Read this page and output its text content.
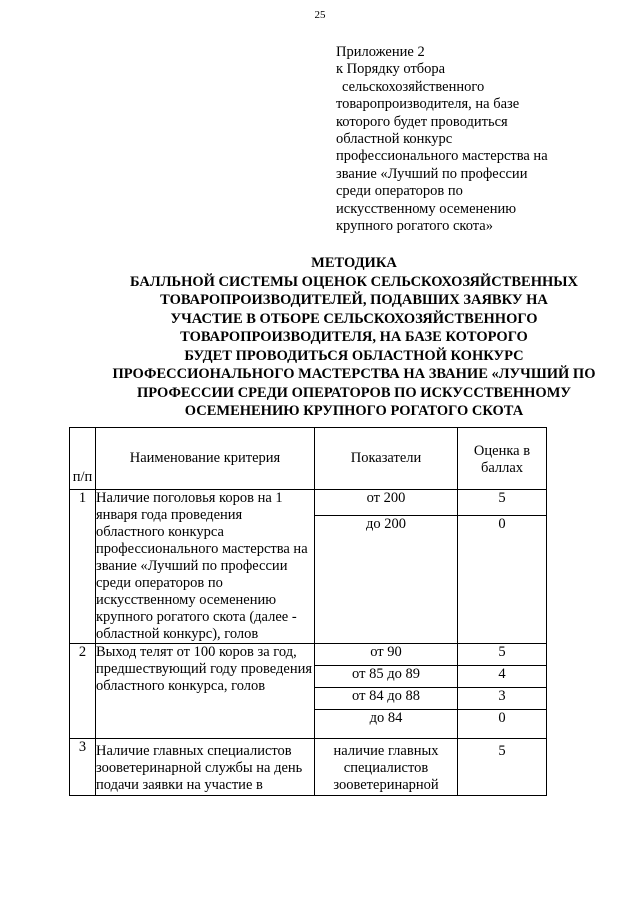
25
Приложение 2
к Порядку отбора
сельскохозяйственного
товаропроизводителя, на базе
которого будет проводиться
областной конкурс
профессионального мастерства на
звание «Лучший по профессии
среди операторов по
искусственному осеменению
крупного рогатого скота»
МЕТОДИКА
БАЛЛЬНОЙ СИСТЕМЫ ОЦЕНОК СЕЛЬСКОХОЗЯЙСТВЕННЫХ
ТОВАРОПРОИЗВОДИТЕЛЕЙ, ПОДАВШИХ ЗАЯВКУ НА
УЧАСТИЕ В ОТБОРЕ СЕЛЬСКОХОЗЯЙСТВЕННОГО
ТОВАРОПРОИЗВОДИТЕЛЯ, НА БАЗЕ КОТОРОГО
БУДЕТ ПРОВОДИТЬСЯ ОБЛАСТНОЙ КОНКУРС
ПРОФЕССИОНАЛЬНОГО МАСТЕРСТВА НА ЗВАНИЕ «ЛУЧШИЙ ПО
ПРОФЕССИИ СРЕДИ ОПЕРАТОРОВ ПО ИСКУССТВЕННОМУ
ОСЕМЕНЕНИЮ КРУПНОГО РОГАТОГО СКОТА
п/п	Наименование критерия	Показатели	Оценка в баллах
1	Наличие поголовья коров на 1 января года проведения областного конкурса профессионального мастерства на звание «Лучший по профессии среди операторов по искусственному осеменению крупного рогатого скота (далее - областной конкурс), голов	от 200	5
		до 200	0
2	Выход телят от 100 коров за год, предшествующий году проведения областного конкурса, голов	от 90	5
		от 85 до 89	4
		от 84 до 88	3
		до 84	0
3	Наличие главных специалистов зооветеринарной службы на день подачи заявки на участие в	наличие главных специалистов зооветеринарной	5
